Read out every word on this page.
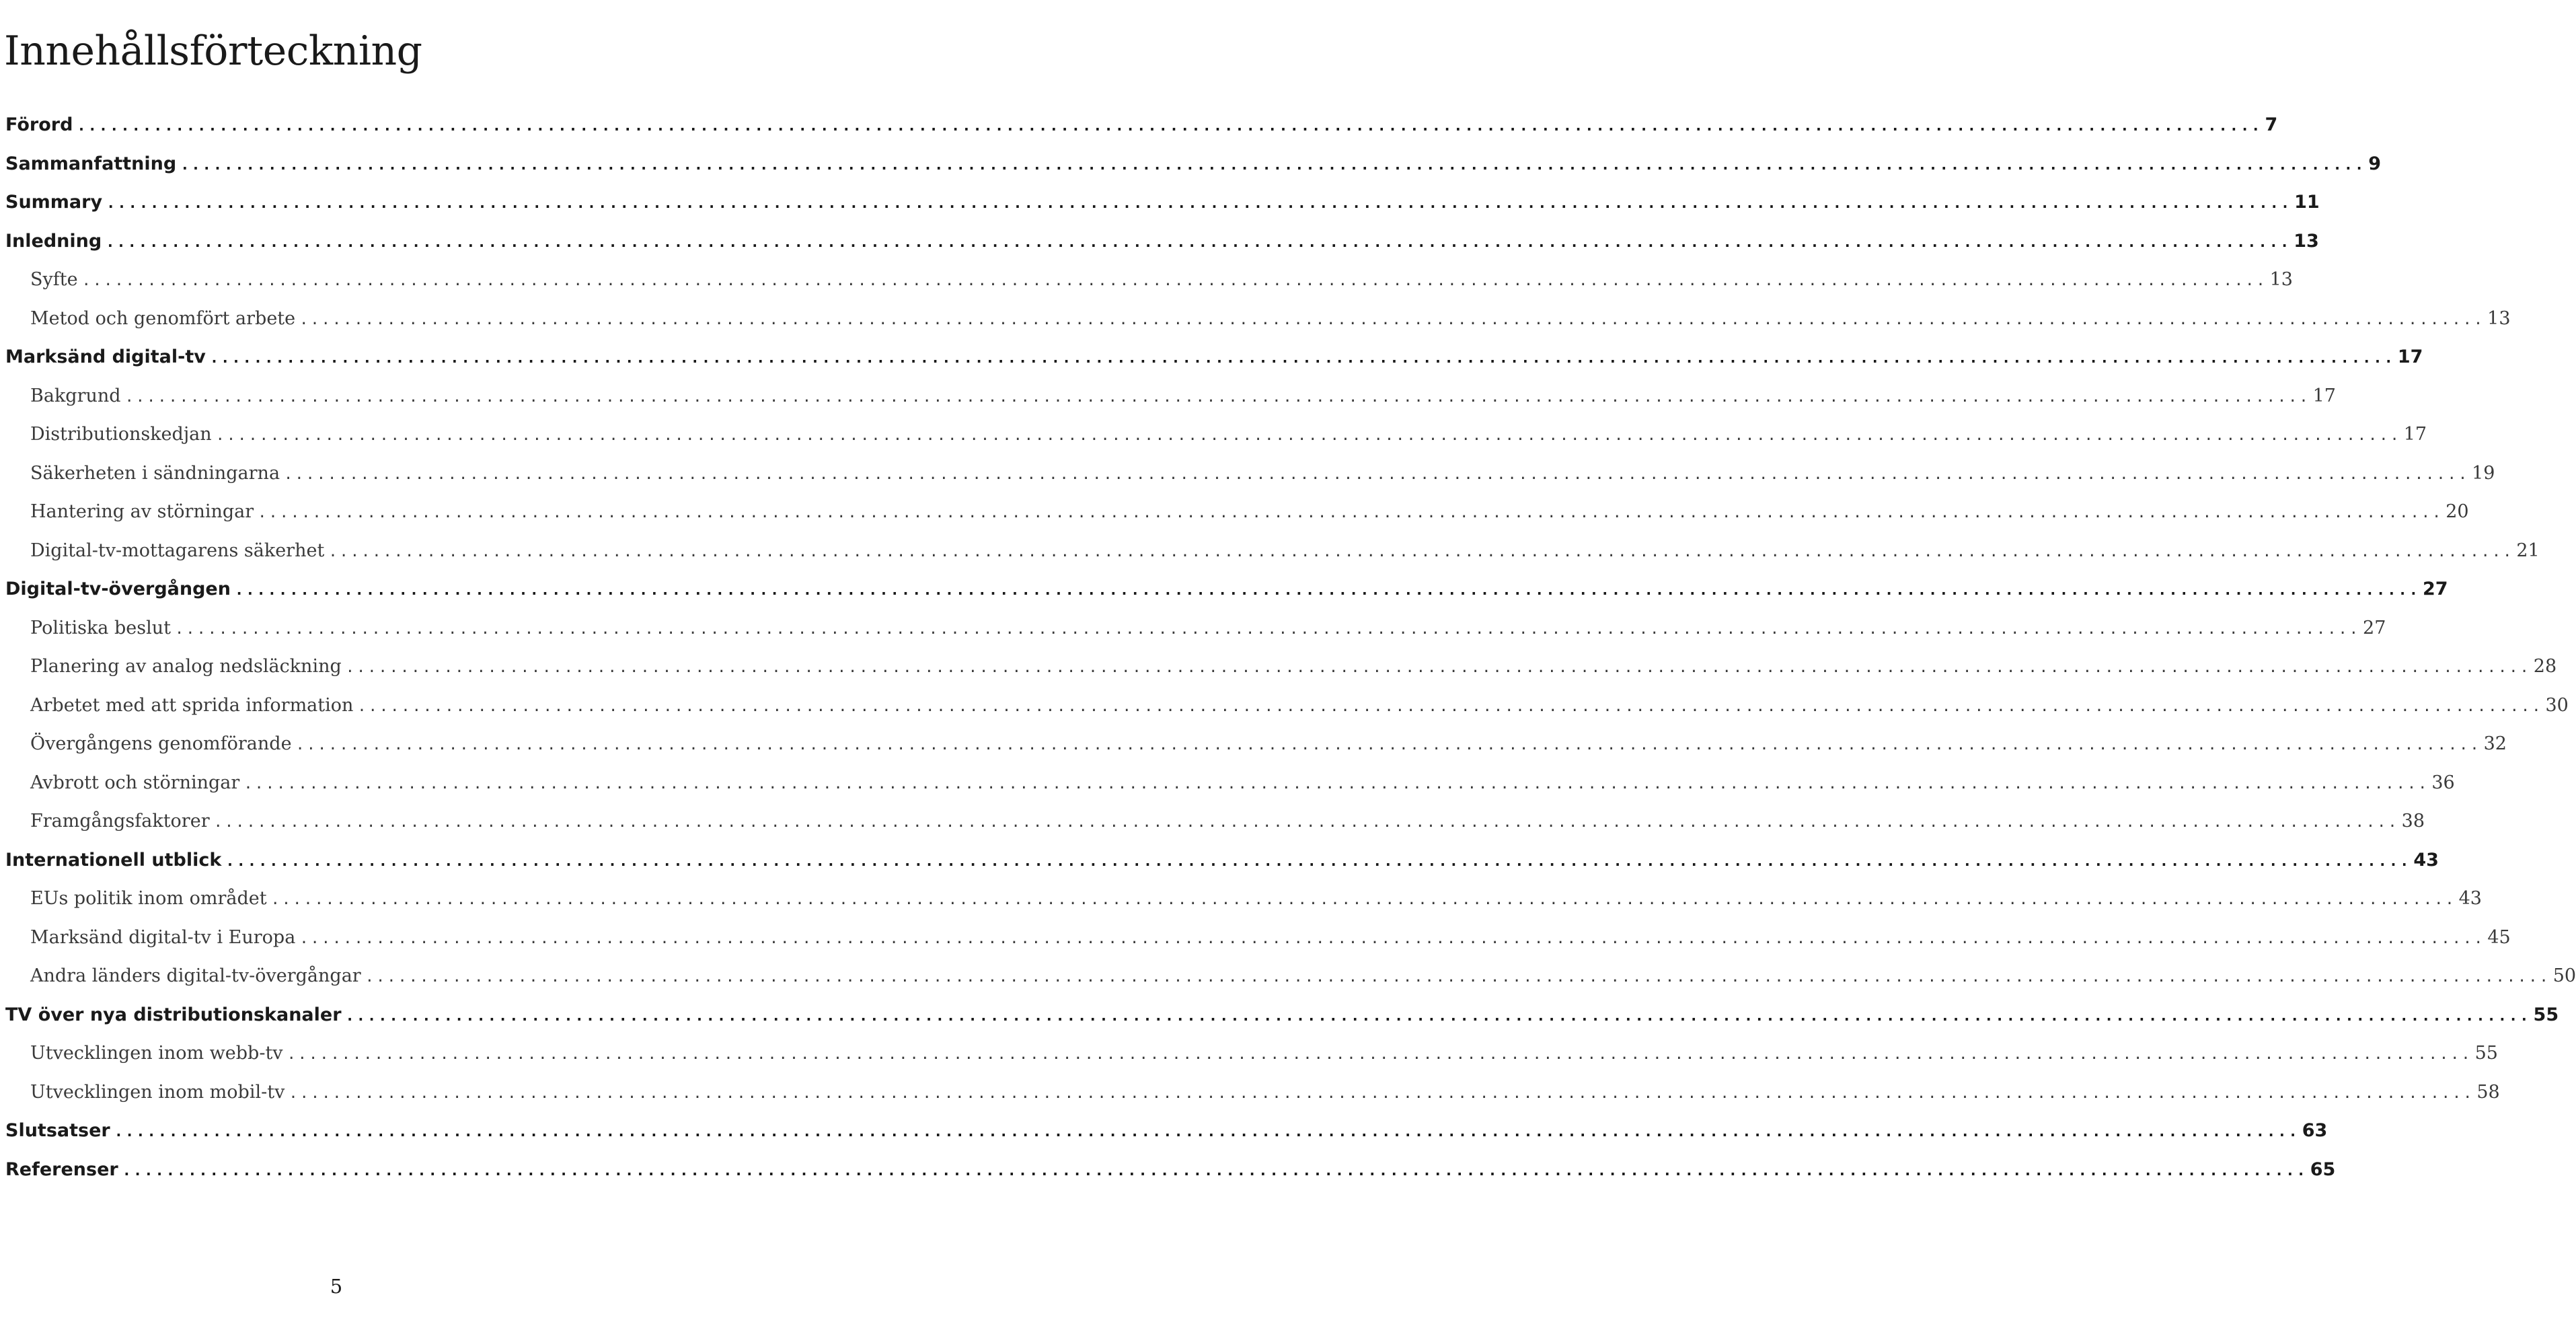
Innehållsförteckning
Förord ........................................................................................................................................................................................................ 7
Sammanfattning ........................................................................................................................................................................................................ 9
Summary ........................................................................................................................................................................................................ 11
Inledning ........................................................................................................................................................................................................ 13
Syfte ........................................................................................................................................................................................................ 13
Metod och genomfört arbete ........................................................................................................................................................................................................ 13
Marksänd digital-tv ........................................................................................................................................................................................................ 17
Bakgrund ........................................................................................................................................................................................................ 17
Distributionskedjan ........................................................................................................................................................................................................ 17
Säkerheten i sändningarna ........................................................................................................................................................................................................ 19
Hantering av störningar ........................................................................................................................................................................................................ 20
Digital-tv-mottagarens säkerhet ........................................................................................................................................................................................................ 21
Digital-tv-övergången ........................................................................................................................................................................................................ 27
Politiska beslut ........................................................................................................................................................................................................ 27
Planering av analog nedsläckning ........................................................................................................................................................................................................ 28
Arbetet med att sprida information ........................................................................................................................................................................................................ 30
Övergångens genomförande ........................................................................................................................................................................................................ 32
Avbrott och störningar ........................................................................................................................................................................................................ 36
Framgångsfaktorer ........................................................................................................................................................................................................ 38
Internationell utblick ........................................................................................................................................................................................................ 43
EUs politik inom området ........................................................................................................................................................................................................ 43
Marksänd digital-tv i Europa ........................................................................................................................................................................................................ 45
Andra länders digital-tv-övergångar ........................................................................................................................................................................................................ 50
TV över nya distributionskanaler ........................................................................................................................................................................................................ 55
Utvecklingen inom webb-tv ........................................................................................................................................................................................................ 55
Utvecklingen inom mobil-tv ........................................................................................................................................................................................................ 58
Slutsatser ........................................................................................................................................................................................................ 63
Referenser ........................................................................................................................................................................................................ 65
5
